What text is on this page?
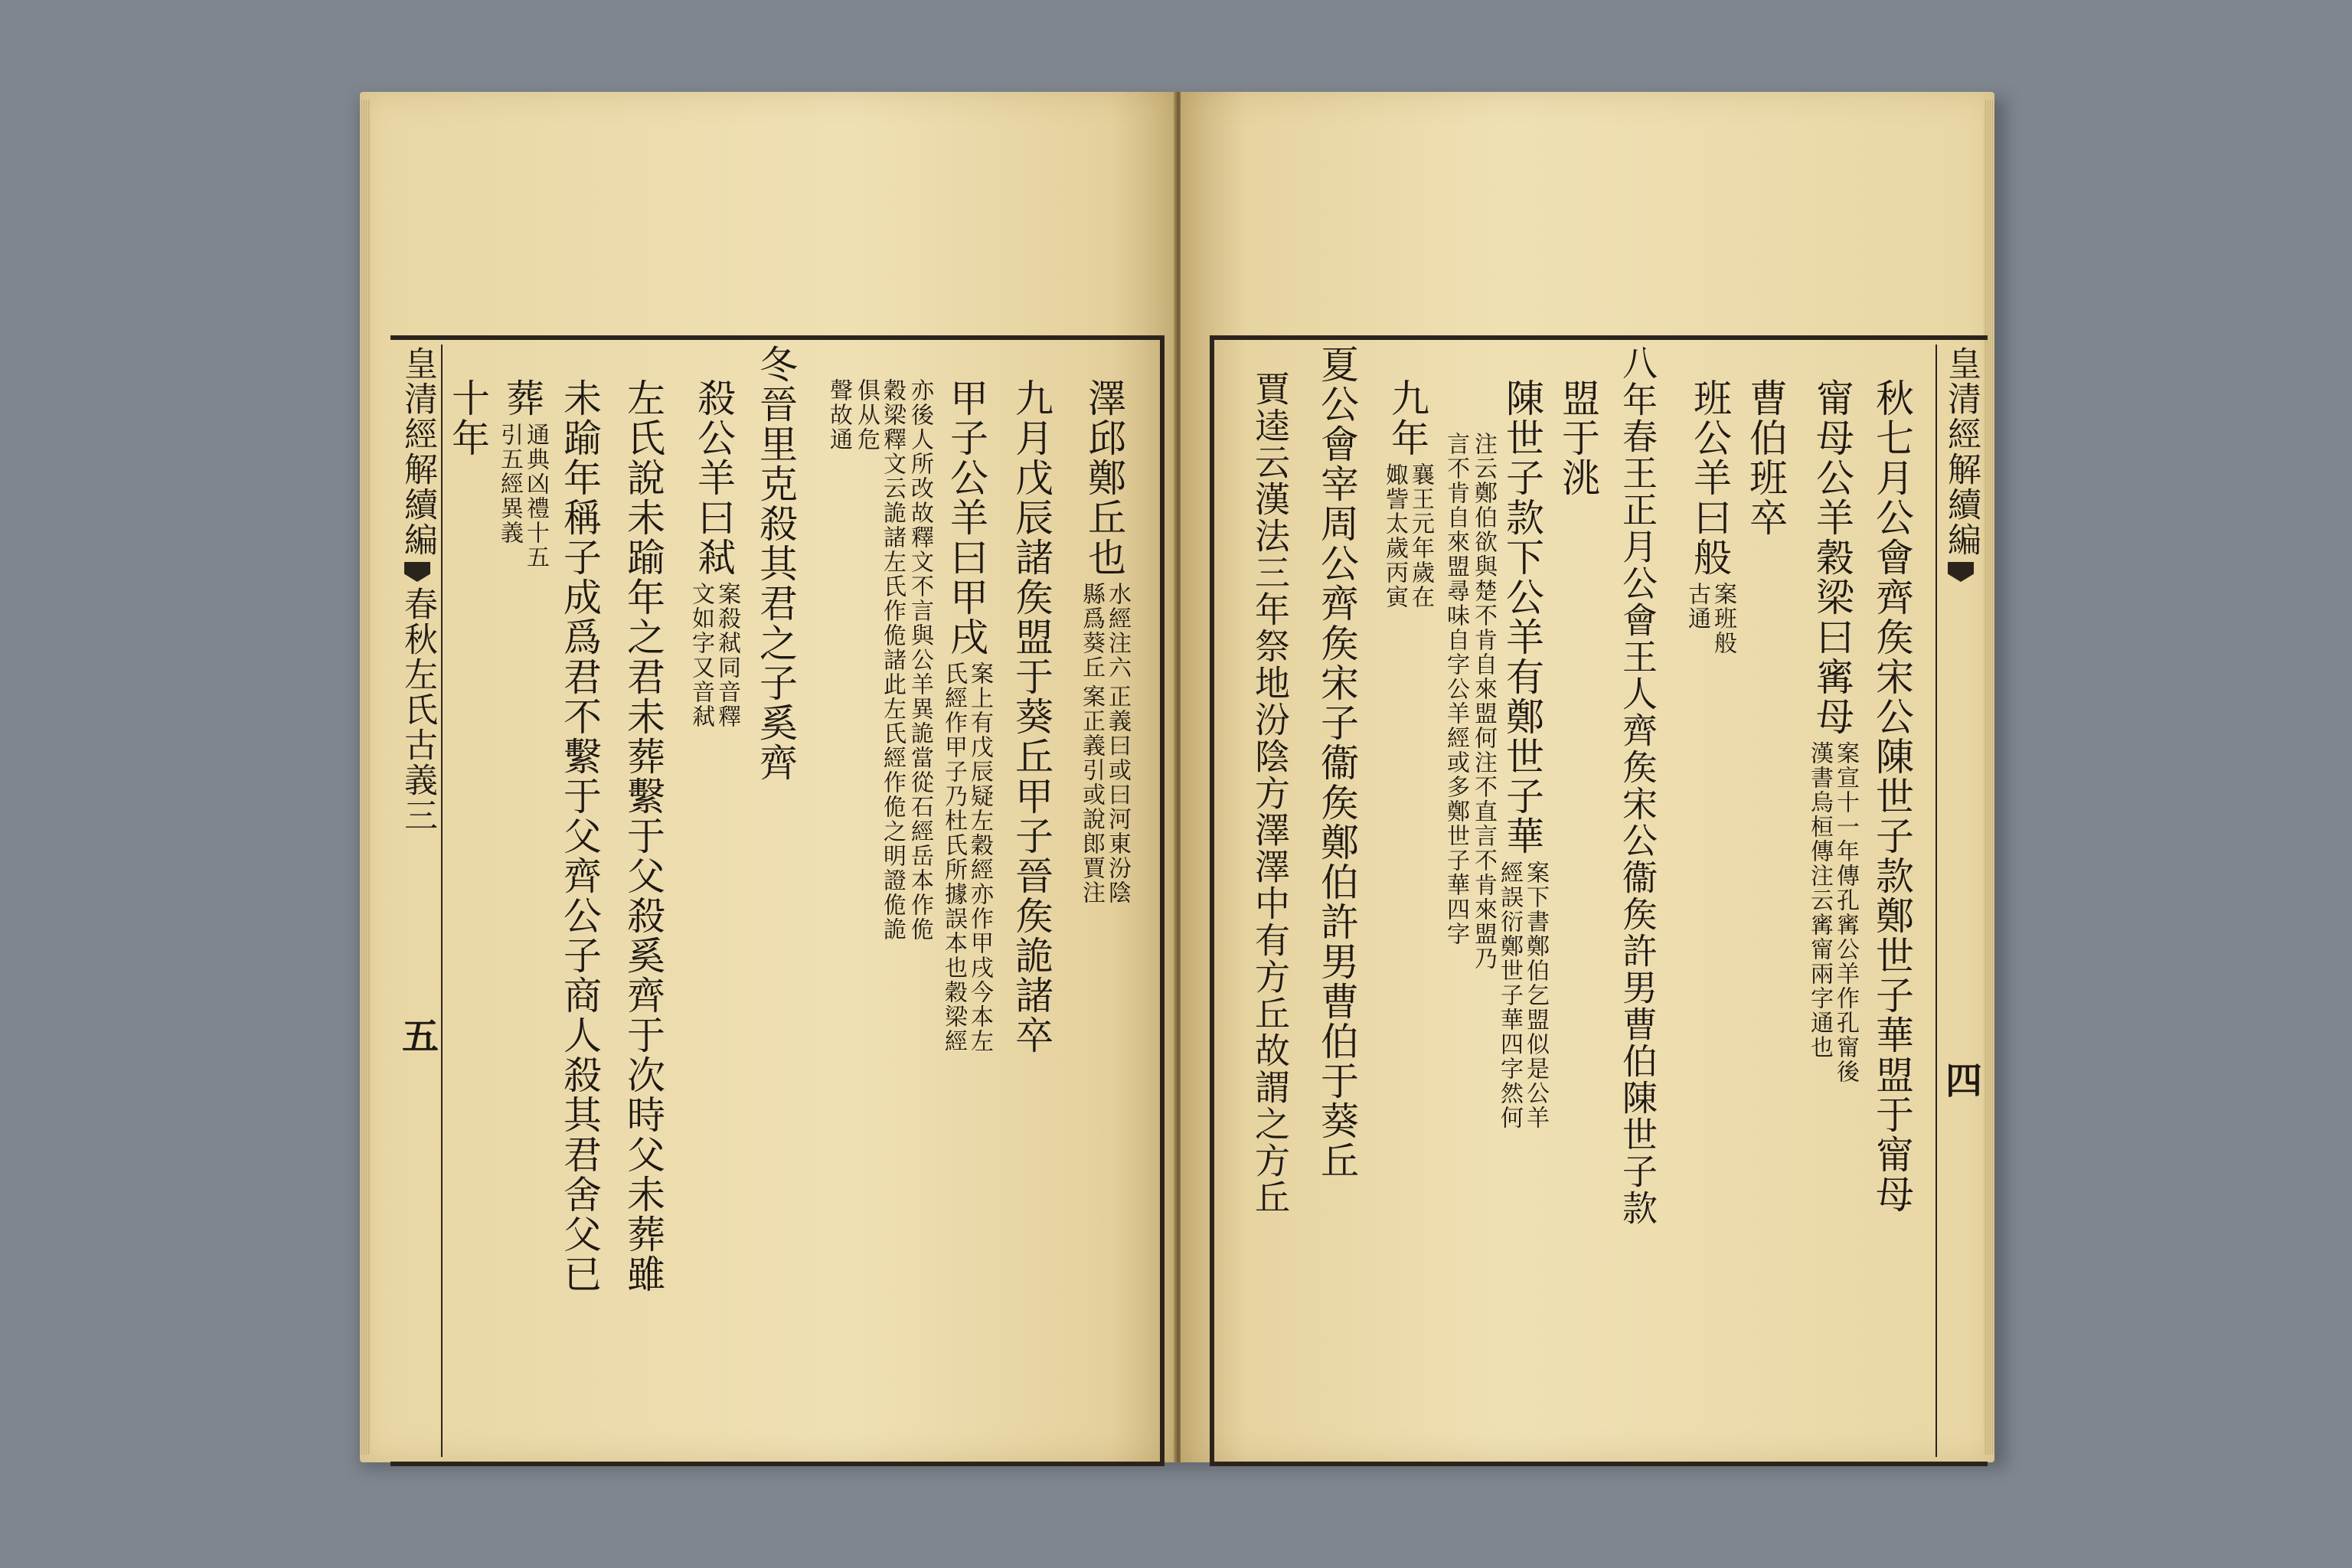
皇清經解續編
春秋左氏古義三
五
澤邱鄭丘也
水經注六
縣爲葵丘
正義曰或曰河東汾陰
案正義引或說郎賈注
九月戊辰諸矦盟于葵丘甲子晉矦詭諸卒
甲子公羊曰甲戌
案上有戊辰疑左穀經亦作甲戌今本左
氏經作甲子乃杜氏所據誤本也穀梁經
亦後人所改故釋文不言與公羊異詭當從石經岳本作佹
穀梁釋文云詭諸左氏作佹諸此左氏經作佹之明證佹詭
俱从危
聲故通
冬晉里克殺其君之子奚齊
殺公羊曰弒
案殺弒同音釋
文如字又音弒
左氏說未踰年之君未葬繫于父殺奚齊于次時父未葬雖
未踰年稱子成爲君不繫于父齊公子商人殺其君舍父已
葬
通典凶禮十五
引五經異義
十年	皇清經解續編
四
秋七月公會齊矦宋公陳世子款鄭世子華盟于甯母
甯母公羊穀梁曰寗母
案宣十一年傳孔寗公羊作孔甯後
漢書烏桓傳注云寗甯兩字通也
曹伯班卒
班公羊曰般
案班般
古通
八年春王正月公會王人齊矦宋公衞矦許男曹伯陳世子款
盟于洮
陳世子款下公羊有鄭世子華
案下書鄭伯乞盟似是公羊
經誤衍鄭世子華四字然何
注云鄭伯欲與楚不肯自來盟何注不直言不肯來盟乃
言不肯自來盟尋味自字公羊經或多鄭世子華四字
九年
襄王元年歲在
娵訾太歲丙寅
夏公會宰周公齊矦宋子衞矦鄭伯許男曹伯于葵丘
賈逵云漢法三年祭地汾陰方澤澤中有方丘故謂之方丘
